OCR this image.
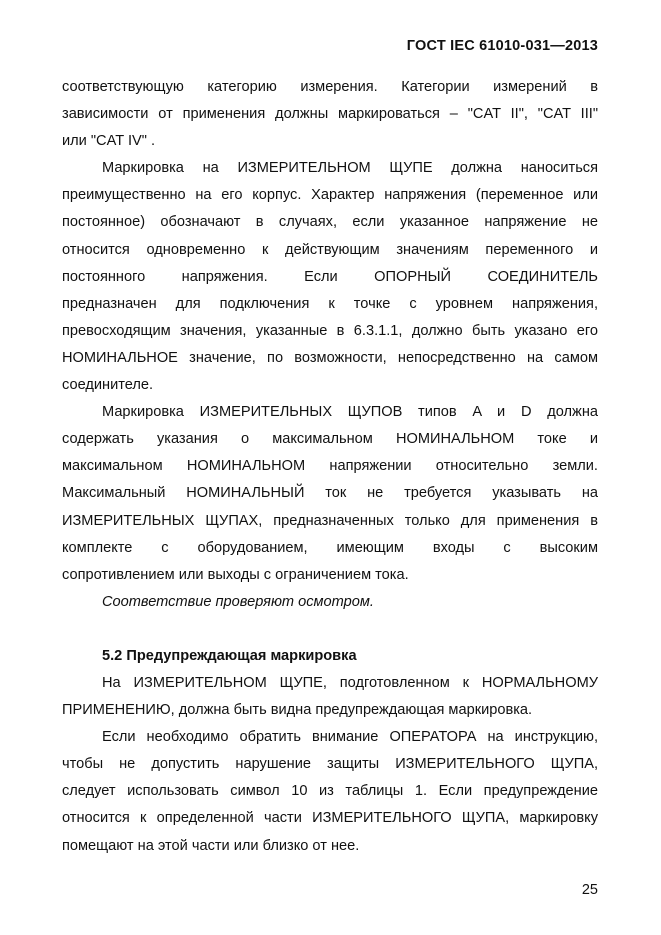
ГОСТ IEC 61010-031—2013
соответствующую категорию измерения. Категории измерений в
зависимости от применения должны маркироваться – "CAT II", "CAT III"
или "CAT IV" .
Маркировка на ИЗМЕРИТЕЛЬНОМ ЩУПЕ должна наноситься
преимущественно на его корпус. Характер напряжения (переменное или
постоянное) обозначают в случаях, если указанное напряжение не
относится одновременно к действующим значениям переменного и
постоянного напряжения. Если ОПОРНЫЙ СОЕДИНИТЕЛЬ
предназначен для подключения к точке с уровнем напряжения,
превосходящим значения, указанные в 6.3.1.1, должно быть указано его
НОМИНАЛЬНОЕ значение, по возможности, непосредственно на самом
соединителе.
Маркировка ИЗМЕРИТЕЛЬНЫХ ЩУПОВ типов A и D должна
содержать указания о максимальном НОМИНАЛЬНОМ токе и
максимальном НОМИНАЛЬНОМ напряжении относительно земли.
Максимальный НОМИНАЛЬНЫЙ ток не требуется указывать на
ИЗМЕРИТЕЛЬНЫХ ЩУПАХ, предназначенных только для применения в
комплекте с оборудованием, имеющим входы с высоким
сопротивлением или выходы с ограничением тока.
Соответствие проверяют осмотром.
5.2 Предупреждающая маркировка
На ИЗМЕРИТЕЛЬНОМ ЩУПЕ, подготовленном к НОРМАЛЬНОМУ
ПРИМЕНЕНИЮ, должна быть видна предупреждающая маркировка.
Если необходимо обратить внимание ОПЕРАТОРА на инструкцию,
чтобы не допустить нарушение защиты ИЗМЕРИТЕЛЬНОГО ЩУПА,
следует использовать символ 10 из таблицы 1. Если предупреждение
относится к определенной части ИЗМЕРИТЕЛЬНОГО ЩУПА, маркировку
помещают на этой части или близко от нее.
25
